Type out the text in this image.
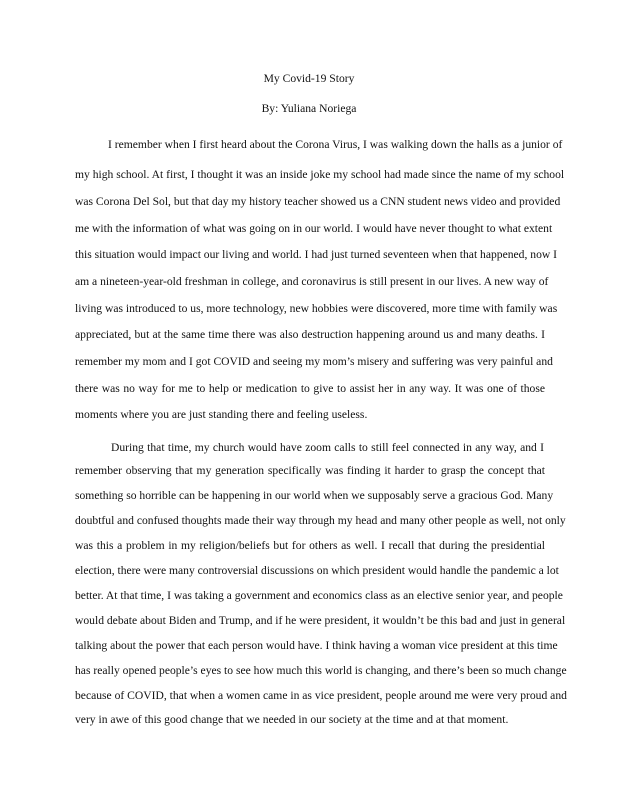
My Covid-19 Story
By: Yuliana Noriega
I remember when I first heard about the Corona Virus, I was walking down the halls as a junior of
my high school. At first, I thought it was an inside joke my school had made since the name of my school
was Corona Del Sol, but that day my history teacher showed us a CNN student news video and provided
me with the information of what was going on in our world. I would have never thought to what extent
this situation would impact our living and world. I had just turned seventeen when that happened, now I
am a nineteen-year-old freshman in college, and coronavirus is still present in our lives. A new way of
living was introduced to us, more technology, new hobbies were discovered, more time with family was
appreciated, but at the same time there was also destruction happening around us and many deaths. I
remember my mom and I got COVID and seeing my mom’s misery and suffering was very painful and
there was no way for me to help or medication to give to assist her in any way. It was one of those
moments where you are just standing there and feeling useless.
During that time, my church would have zoom calls to still feel connected in any way, and I
remember observing that my generation specifically was finding it harder to grasp the concept that
something so horrible can be happening in our world when we supposably serve a gracious God. Many
doubtful and confused thoughts made their way through my head and many other people as well, not only
was this a problem in my religion/beliefs but for others as well. I recall that during the presidential
election, there were many controversial discussions on which president would handle the pandemic a lot
better. At that time, I was taking a government and economics class as an elective senior year, and people
would debate about Biden and Trump, and if he were president, it wouldn’t be this bad and just in general
talking about the power that each person would have. I think having a woman vice president at this time
has really opened people’s eyes to see how much this world is changing, and there’s been so much change
because of COVID, that when a women came in as vice president, people around me were very proud and
very in awe of this good change that we needed in our society at the time and at that moment.
